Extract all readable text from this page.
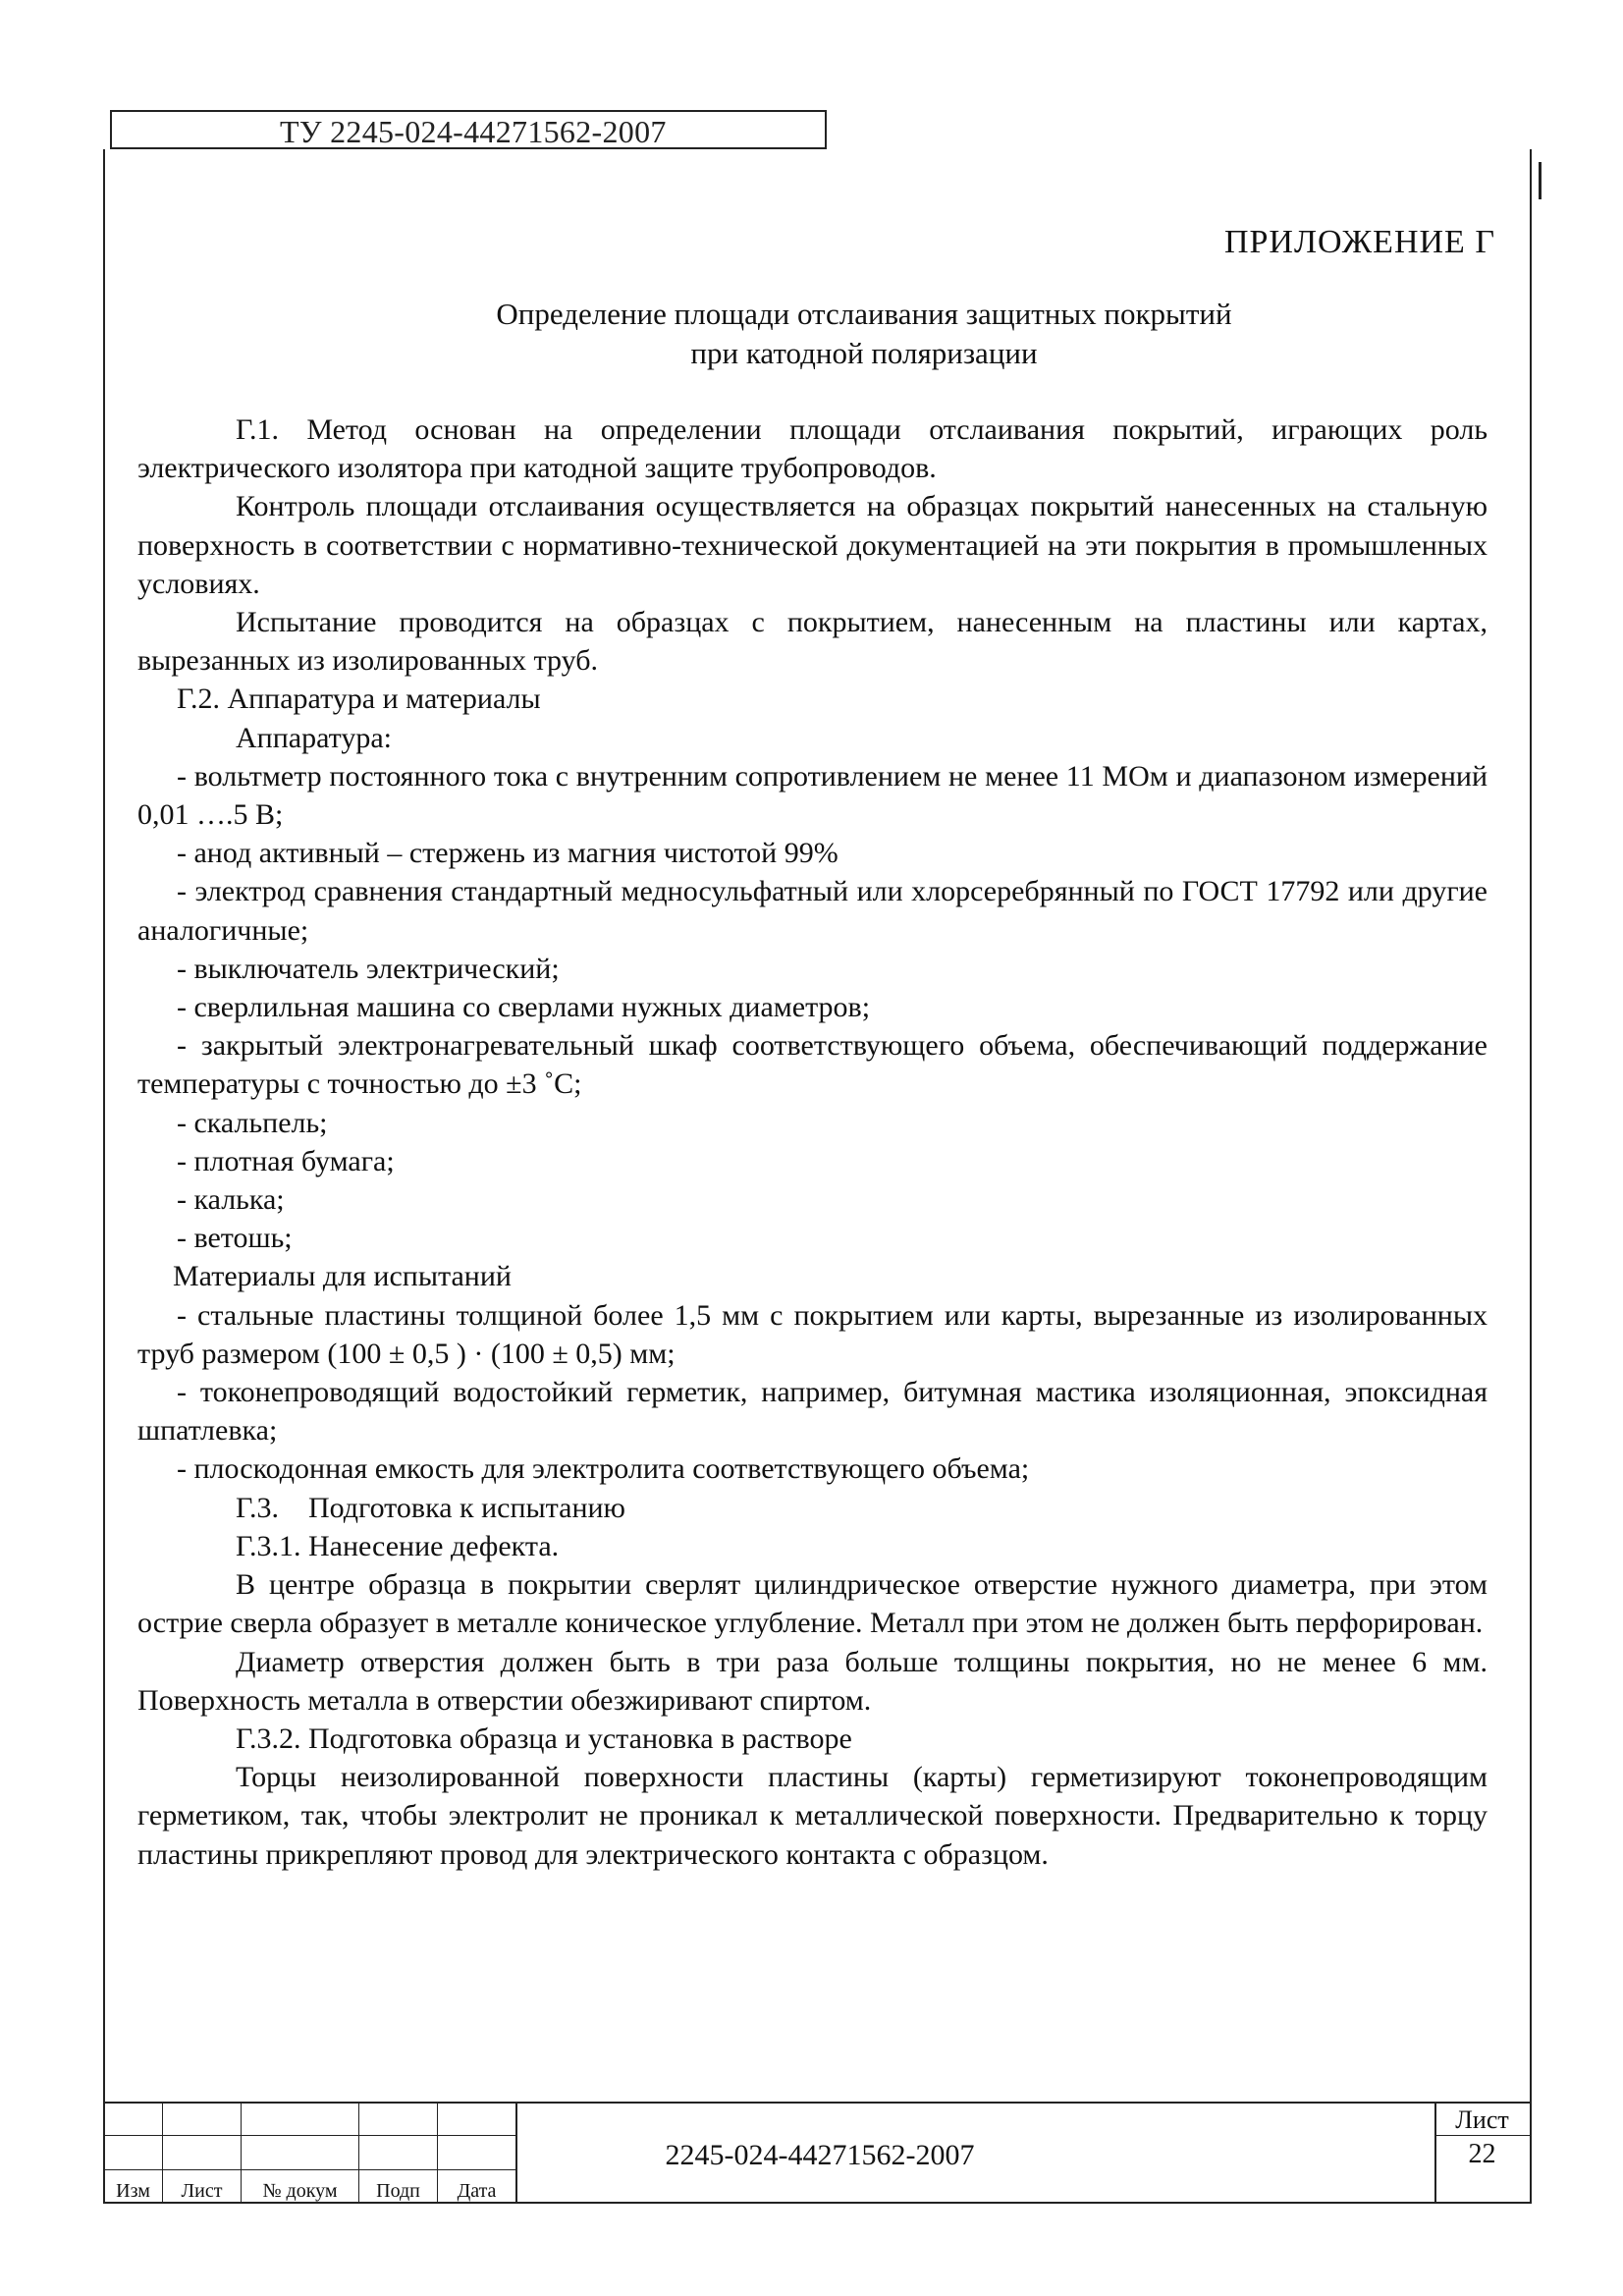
ТУ 2245-024-44271562-2007
ПРИЛОЖЕНИЕ Г
Определение площади отслаивания защитных покрытий
при катодной поляризации

Г.1. Метод основан на определении площади отслаивания покрытий, играющих роль электрического изолятора при катодной защите трубопроводов.

Контроль площади отслаивания осуществляется на образцах покрытий нанесенных на стальную поверхность в соответствии с нормативно-технической документацией на эти покрытия в промышленных условиях.

Испытание проводится на образцах с покрытием, нанесенным на пластины или картах, вырезанных из изолированных труб.

Г.2. Аппаратура и материалы

Аппаратура:

- вольтметр постоянного тока с внутренним сопротивлением не менее 11 МОм и диапазоном измерений 0,01 ….5 В;

- анод активный – стержень из магния чистотой 99%

- электрод сравнения стандартный медносульфатный или хлорсеребрянный по ГОСТ 17792 или другие аналогичные;

- выключатель электрический;

- сверлильная машина со сверлами нужных диаметров;

- закрытый электронагревательный шкаф соответствующего объема, обеспечивающий поддержание температуры с точностью до ±3 ˚С;

- скальпель;

- плотная бумага;

- калька;

- ветошь;

Материалы для испытаний

- стальные пластины толщиной более 1,5 мм с покрытием или карты, вырезанные из изолированных труб размером (100 ± 0,5 ) · (100 ± 0,5) мм;

- токонепроводящий водостойкий герметик, например, битумная мастика изоляционная, эпоксидная шпатлевка;

- плоскодонная емкость для электролита соответствующего объема;

Г.3.    Подготовка к испытанию

Г.3.1. Нанесение дефекта.

В центре образца в покрытии сверлят цилиндрическое отверстие нужного диаметра, при этом острие сверла образует в металле коническое углубление. Металл при этом не должен быть перфорирован.

Диаметр отверстия должен быть в три раза больше толщины покрытия, но не менее 6 мм. Поверхность металла в отверстии обезжиривают спиртом.

Г.3.2. Подготовка образца и установка в растворе

Торцы неизолированной поверхности пластины (карты) герметизируют токонепроводящим герметиком, так, чтобы электролит не проникал к металлической поверхности. Предварительно к торцу пластины прикрепляют провод для электрического контакта с образцом.

Изм	Лист	№ докум	Подп	Дата
2245-024-44271562-2007
Лист
22
